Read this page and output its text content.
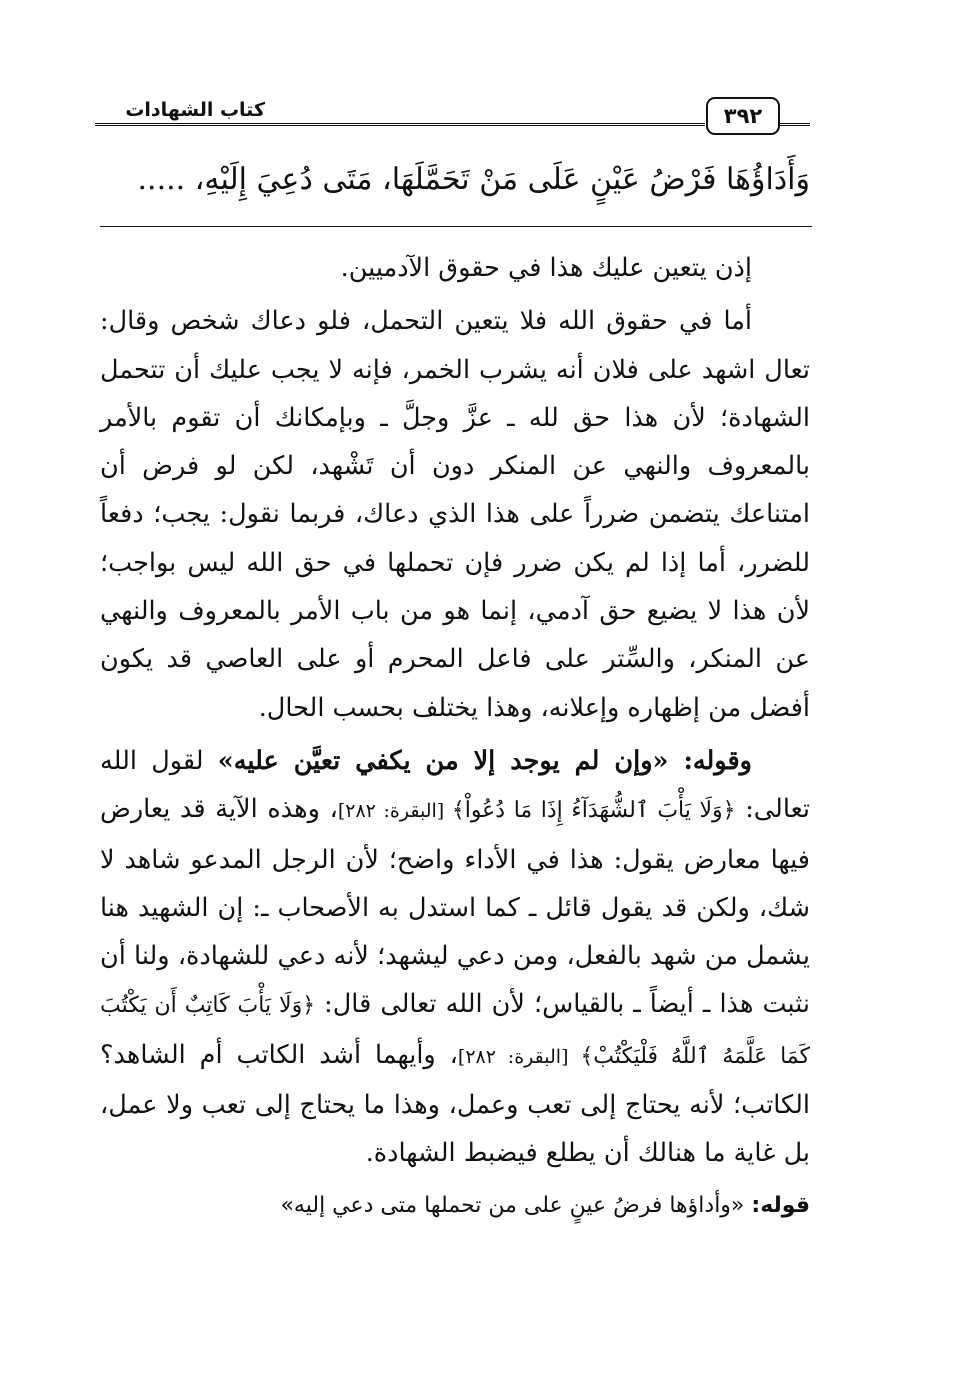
٣٩٢
كتاب الشهادات
وَأَدَاؤُهَا فَرْضُ عَيْنٍ عَلَى مَنْ تَحَمَّلَهَا، مَتَى دُعِيَ إِلَيْهِ، .....

إذن يتعين عليك هذا في حقوق الآدميين.

أما في حقوق الله فلا يتعين التحمل، فلو دعاك شخص وقال: تعال اشهد على فلان أنه يشرب الخمر، فإنه لا يجب عليك أن تتحمل الشهادة؛ لأن هذا حق لله ـ عزَّ وجلَّ ـ وبإمكانك أن تقوم بالأمر بالمعروف والنهي عن المنكر دون أن تَشْهد، لكن لو فرض أن امتناعك يتضمن ضرراً على هذا الذي دعاك، فربما نقول: يجب؛ دفعاً للضرر، أما إذا لم يكن ضرر فإن تحملها في حق الله ليس بواجب؛ لأن هذا لا يضيع حق آدمي، إنما هو من باب الأمر بالمعروف والنهي عن المنكر، والسِّتر على فاعل المحرم أو على العاصي قد يكون أفضل من إظهاره وإعلانه، وهذا يختلف بحسب الحال.

وقوله: «وإن لم يوجد إلا من يكفي تعيَّن عليه» لقول الله تعالى: ﴿وَلَا يَأْبَ ٱلشُّهَدَآءُ إِذَا مَا دُعُواْ﴾ [البقرة: ٢٨٢]، وهذه الآية قد يعارض فيها معارض يقول: هذا في الأداء واضح؛ لأن الرجل المدعو شاهد لا شك، ولكن قد يقول قائل ـ كما استدل به الأصحاب ـ: إن الشهيد هنا يشمل من شهد بالفعل، ومن دعي ليشهد؛ لأنه دعي للشهادة، ولنا أن نثبت هذا ـ أيضاً ـ بالقياس؛ لأن الله تعالى قال: ﴿وَلَا يَأْبَ كَاتِبٌ أَن يَكْتُبَ كَمَا عَلَّمَهُ ٱللَّهُ فَلْيَكْتُبْ﴾ [البقرة: ٢٨٢]، وأيهما أشد الكاتب أم الشاهد؟ الكاتب؛ لأنه يحتاج إلى تعب وعمل، وهذا ما يحتاج إلى تعب ولا عمل، بل غاية ما هنالك أن يطلع فيضبط الشهادة.

قوله: «وأداؤها فرضُ عينٍ على من تحملها متى دعي إليه»
